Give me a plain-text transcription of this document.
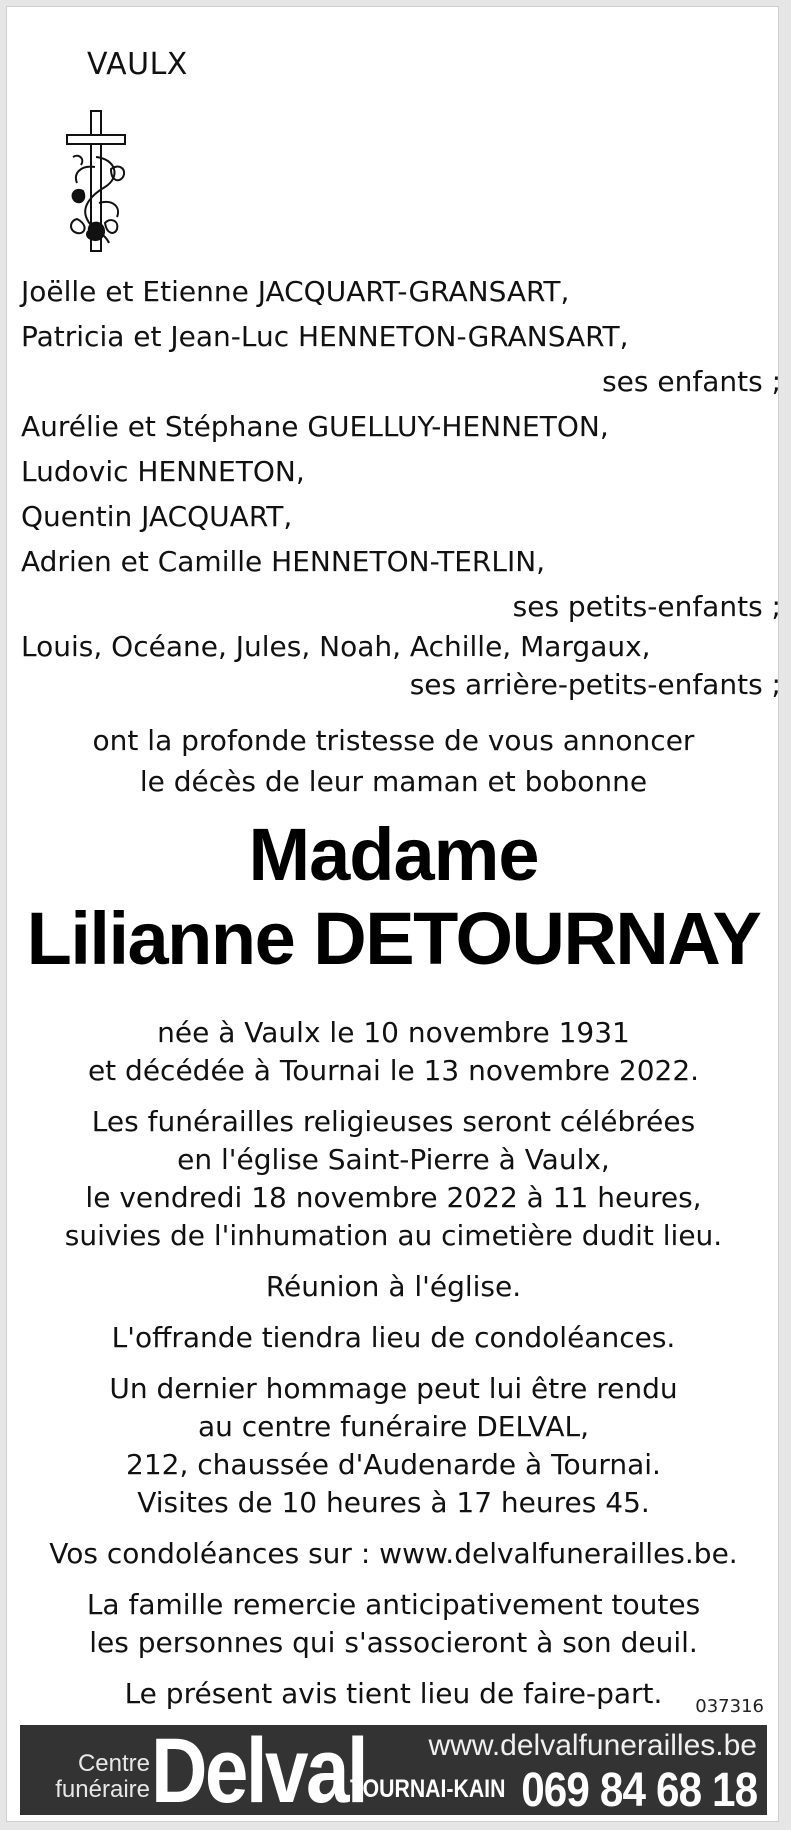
VAULX
Joëlle et Etienne JACQUART-GRANSART,
Patricia et Jean-Luc HENNETON-GRANSART,
ses enfants ;
Aurélie et Stéphane GUELLUY-HENNETON,
Ludovic HENNETON,
Quentin JACQUART,
Adrien et Camille HENNETON-TERLIN,
ses petits-enfants ;
Louis, Océane, Jules, Noah, Achille, Margaux,
ses arrière-petits-enfants ;
ont la profonde tristesse de vous annoncer
le décès de leur maman et bobonne
Madame
Lilianne DETOURNAY
née à Vaulx le 10 novembre 1931
et décédée à Tournai le 13 novembre 2022.
Les funérailles religieuses seront célébrées
en l'église Saint-Pierre à Vaulx,
le vendredi 18 novembre 2022 à 11 heures,
suivies de l'inhumation au cimetière dudit lieu.
Réunion à l'église.
L'offrande tiendra lieu de condoléances.
Un dernier hommage peut lui être rendu
au centre funéraire DELVAL,
212, chaussée d'Audenarde à Tournai.
Visites de 10 heures à 17 heures 45.
Vos condoléances sur : www.delvalfunerailles.be.
La famille remercie anticipativement toutes
les personnes qui s'associeront à son deuil.
Le présent avis tient lieu de faire-part.	037316
Centre
funéraire Delval www.delvalfunerailles.be
TOURNAI-KAIN 069 84 68 18
